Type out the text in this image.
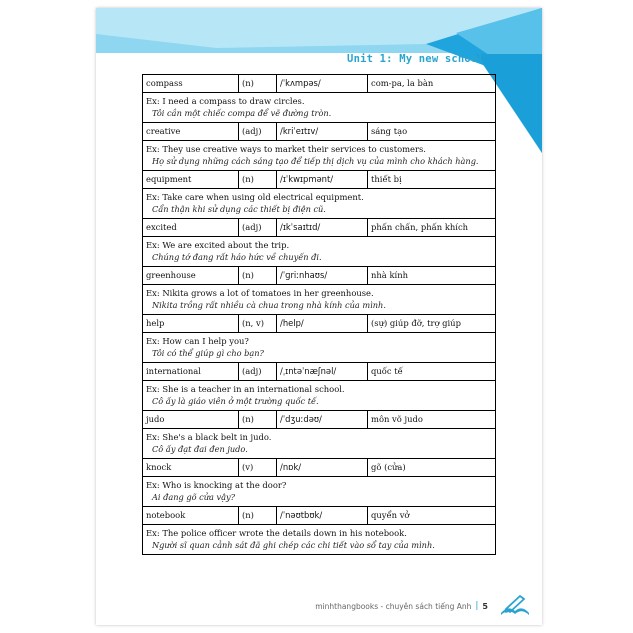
Unit 1: My new school
compass	(n)	/ˈkʌmpəs/	com-pa, la bàn
Ex: I need a compass to draw circles.
Tôi cần một chiếc compa để vẽ đường tròn.
creative	(adj)	/kriˈeɪtɪv/	sáng tạo
Ex: They use creative ways to market their services to customers.
Họ sử dụng những cách sáng tạo để tiếp thị dịch vụ của mình cho khách hàng.
equipment	(n)	/ɪˈkwɪpmənt/	thiết bị
Ex: Take care when using old electrical equipment.
Cẩn thận khi sử dụng các thiết bị điện cũ.
excited	(adj)	/ɪkˈsaɪtɪd/	phấn chấn, phấn khích
Ex: We are excited about the trip.
Chúng tớ đang rất háo hức về chuyến đi.
greenhouse	(n)	/ˈɡriːnhaʊs/	nhà kính
Ex: Nikita grows a lot of tomatoes in her greenhouse.
Nikita trồng rất nhiều cà chua trong nhà kính của mình.
help	(n, v)	/help/	(sự) giúp đỡ, trợ giúp
Ex: How can I help you?
Tôi có thể giúp gì cho bạn?
international	(adj)	/ˌɪntəˈnæʃnəl/	quốc tế
Ex: She is a teacher in an international school.
Cô ấy là giáo viên ở một trường quốc tế.
judo	(n)	/ˈdʒuːdəʊ/	môn võ judo
Ex: She's a black belt in judo.
Cô ấy đạt đai đen judo.
knock	(v)	/nɒk/	gõ (cửa)
Ex: Who is knocking at the door?
Ai đang gõ cửa vậy?
notebook	(n)	/ˈnəʊtbʊk/	quyển vở
Ex: The police officer wrote the details down in his notebook.
Người sĩ quan cảnh sát đã ghi chép các chi tiết vào sổ tay của mình.
minhthangbooks - chuyên sách tiếng Anh | 5
